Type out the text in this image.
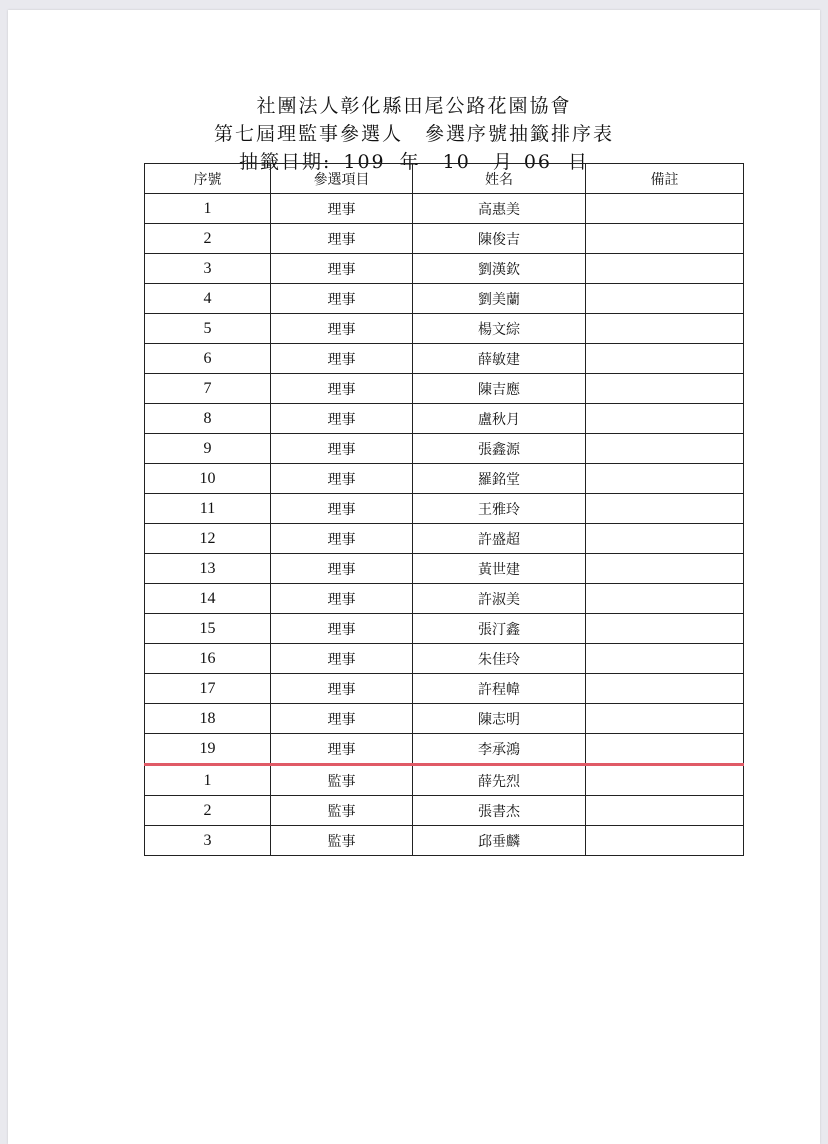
社團法人彰化縣田尾公路花園協會
第七屆理監事參選人 參選序號抽籤排序表
抽籤日期: 109 年 10 月 06 日
序號	參選項目	姓名	備註
1	理事	高惠美	
2	理事	陳俊吉	
3	理事	劉漢欽	
4	理事	劉美蘭	
5	理事	楊文綜	
6	理事	薛敏建	
7	理事	陳吉應	
8	理事	盧秋月	
9	理事	張鑫源	
10	理事	羅銘堂	
11	理事	王雅玲	
12	理事	許盛超	
13	理事	黃世建	
14	理事	許淑美	
15	理事	張汀鑫	
16	理事	朱佳玲	
17	理事	許程幃	
18	理事	陳志明	
19	理事	李承鴻	
1	監事	薛先烈	
2	監事	張書杰	
3	監事	邱垂麟	
